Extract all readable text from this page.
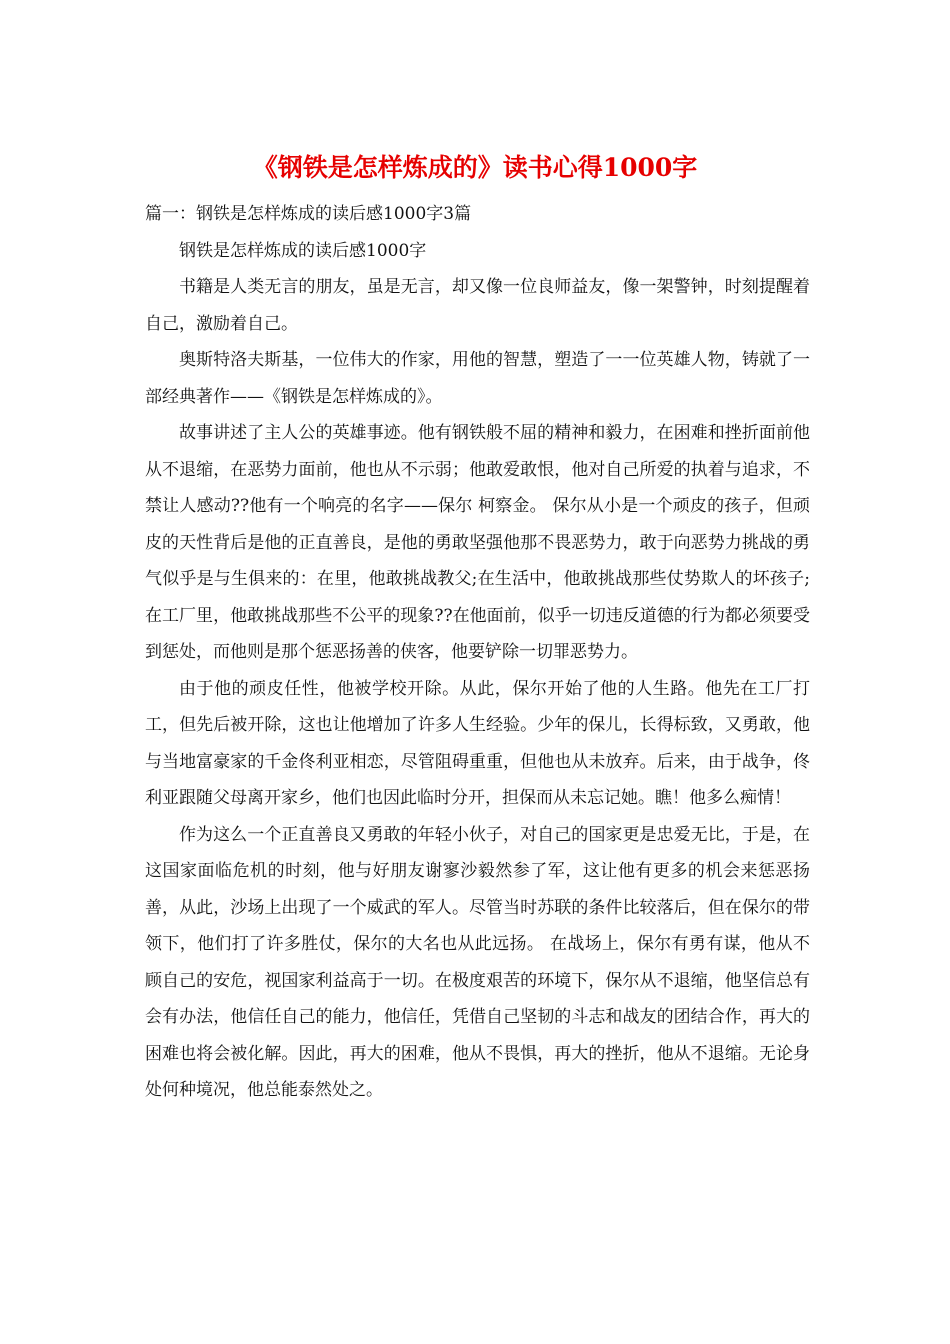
《钢铁是怎样炼成的》读书心得1000字

篇一：钢铁是怎样炼成的读后感1000字3篇

钢铁是怎样炼成的读后感1000字

书籍是人类无言的朋友，虽是无言，却又像一位良师益友，像一架警钟，时刻提醒着自己，激励着自己。

奥斯特洛夫斯基，一位伟大的作家，用他的智慧，塑造了一一位英雄人物，铸就了一部经典著作——《钢铁是怎样炼成的》。

故事讲述了主人公的英雄事迹。他有钢铁般不屈的精神和毅力，在困难和挫折面前他从不退缩，在恶势力面前，他也从不示弱；他敢爱敢恨，他对自己所爱的执着与追求，不禁让人感动??他有一个响亮的名字——保尔 柯察金。 保尔从小是一个顽皮的孩子，但顽皮的天性背后是他的正直善良，是他的勇敢坚强他那不畏恶势力，敢于向恶势力挑战的勇气似乎是与生俱来的：在里，他敢挑战教父;在生活中，他敢挑战那些仗势欺人的坏孩子;在工厂里，他敢挑战那些不公平的现象??在他面前，似乎一切违反道德的行为都必须要受到惩处，而他则是那个惩恶扬善的侠客，他要铲除一切罪恶势力。

由于他的顽皮任性，他被学校开除。从此，保尔开始了他的人生路。他先在工厂打工，但先后被开除，这也让他增加了许多人生经验。少年的保儿，长得标致，又勇敢，他与当地富豪家的千金佟利亚相恋，尽管阻碍重重，但他也从未放弃。后来，由于战争，佟利亚跟随父母离开家乡，他们也因此临时分开，担保而从未忘记她。瞧！他多么痴情！

作为这么一个正直善良又勇敢的年轻小伙子，对自己的国家更是忠爱无比，于是，在这国家面临危机的时刻，他与好朋友谢寥沙毅然参了军，这让他有更多的机会来惩恶扬善，从此，沙场上出现了一个威武的军人。尽管当时苏联的条件比较落后，但在保尔的带领下，他们打了许多胜仗，保尔的大名也从此远扬。 在战场上，保尔有勇有谋，他从不顾自己的安危，视国家利益高于一切。在极度艰苦的环境下，保尔从不退缩，他坚信总有会有办法，他信任自己的能力，他信任，凭借自己坚韧的斗志和战友的团结合作，再大的困难也将会被化解。因此，再大的困难，他从不畏惧，再大的挫折，他从不退缩。无论身处何种境况，他总能泰然处之。
